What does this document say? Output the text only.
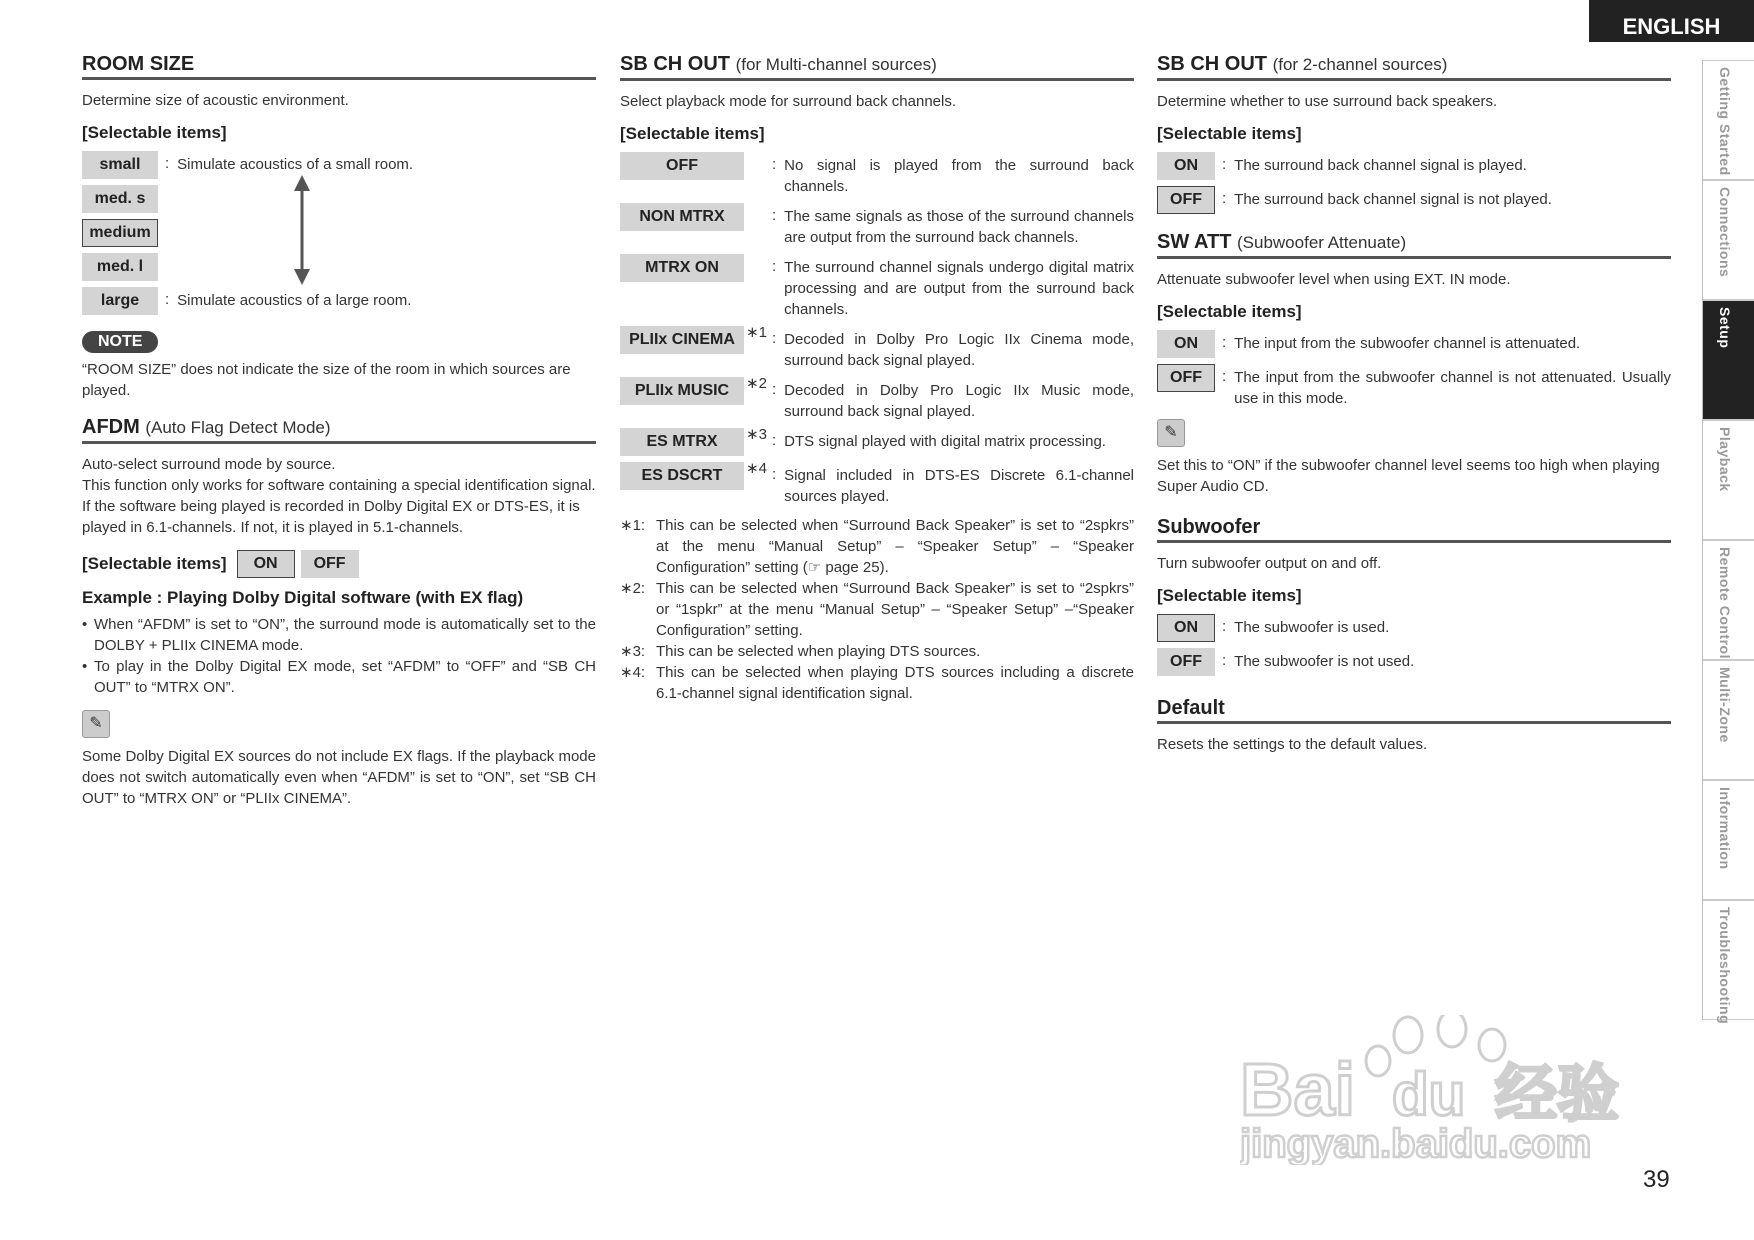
ENGLISH
Getting Started
Connections
Setup
Playback
Remote Control
Multi-Zone
Information
Troubleshooting
ROOM SIZE

Determine size of acoustic environment.

[Selectable items]
small	: Simulate acoustics of a small room.
med. s
medium
med. l
large	: Simulate acoustics of a large room.
NOTE

“ROOM SIZE” does not indicate the size of the room in which sources are played.

AFDM (Auto Flag Detect Mode)

Auto-select surround mode by source.

This function only works for software containing a special identification signal.

If the software being played is recorded in Dolby Digital EX or DTS-ES, it is played in 6.1-channels. If not, it is played in 5.1-channels.

[Selectable items]	ON	OFF
Example : Playing Dolby Digital software (with EX flag)
• When “AFDM” is set to “ON”, the surround mode is automatically set to the DOLBY + PLIIx CINEMA mode.
• To play in the Dolby Digital EX mode, set “AFDM” to “OFF” and “SB CH OUT” to “MTRX ON”.
✎

Some Dolby Digital EX sources do not include EX flags. If the playback mode does not switch automatically even when “AFDM” is set to “ON”, set “SB CH OUT” to “MTRX ON” or “PLIIx CINEMA”.

SB CH OUT (for Multi-channel sources)

Select playback mode for surround back channels.

[Selectable items]
OFF	: No signal is played from the surround back channels.
NON MTRX	: The same signals as those of the surround channels are output from the surround back channels.
MTRX ON	: The surround channel signals undergo digital matrix processing and are output from the surround back channels.
PLIIx CINEMA ∗1 : Decoded in Dolby Pro Logic IIx Cinema mode, surround back signal played.
PLIIx MUSIC	∗2 : Decoded in Dolby Pro Logic IIx Music mode, surround back signal played.
ES MTRX	∗3 : DTS signal played with digital matrix processing.
ES DSCRT	∗4 : Signal included in DTS-ES Discrete 6.1-channel sources played.
∗1: This can be selected when “Surround Back Speaker” is set to “2spkrs” at the menu “Manual Setup” – “Speaker Setup” – “Speaker Configuration” setting (☞ page 25).
∗2: This can be selected when “Surround Back Speaker” is set to “2spkrs” or “1spkr” at the menu “Manual Setup” – “Speaker Setup” –“Speaker Configuration” setting.
∗3: This can be selected when playing DTS sources.
∗4: This can be selected when playing DTS sources including a discrete 6.1-channel signal identification signal.
SB CH OUT (for 2-channel sources)

Determine whether to use surround back speakers.

[Selectable items]
ON	: The surround back channel signal is played.
OFF	: The surround back channel signal is not played.
SW ATT (Subwoofer Attenuate)

Attenuate subwoofer level when using EXT. IN mode.

[Selectable items]
ON	: The input from the subwoofer channel is attenuated.
OFF	: The input from the subwoofer channel is not attenuated. Usually use in this mode.
✎

Set this to “ON” if the subwoofer channel level seems too high when playing Super Audio CD.

Subwoofer

Turn subwoofer output on and off.

[Selectable items]
ON	: The subwoofer is used.
OFF	: The subwoofer is not used.
Default

Resets the settings to the default values.

Bai du 经验
jingyan.baidu.com
39
